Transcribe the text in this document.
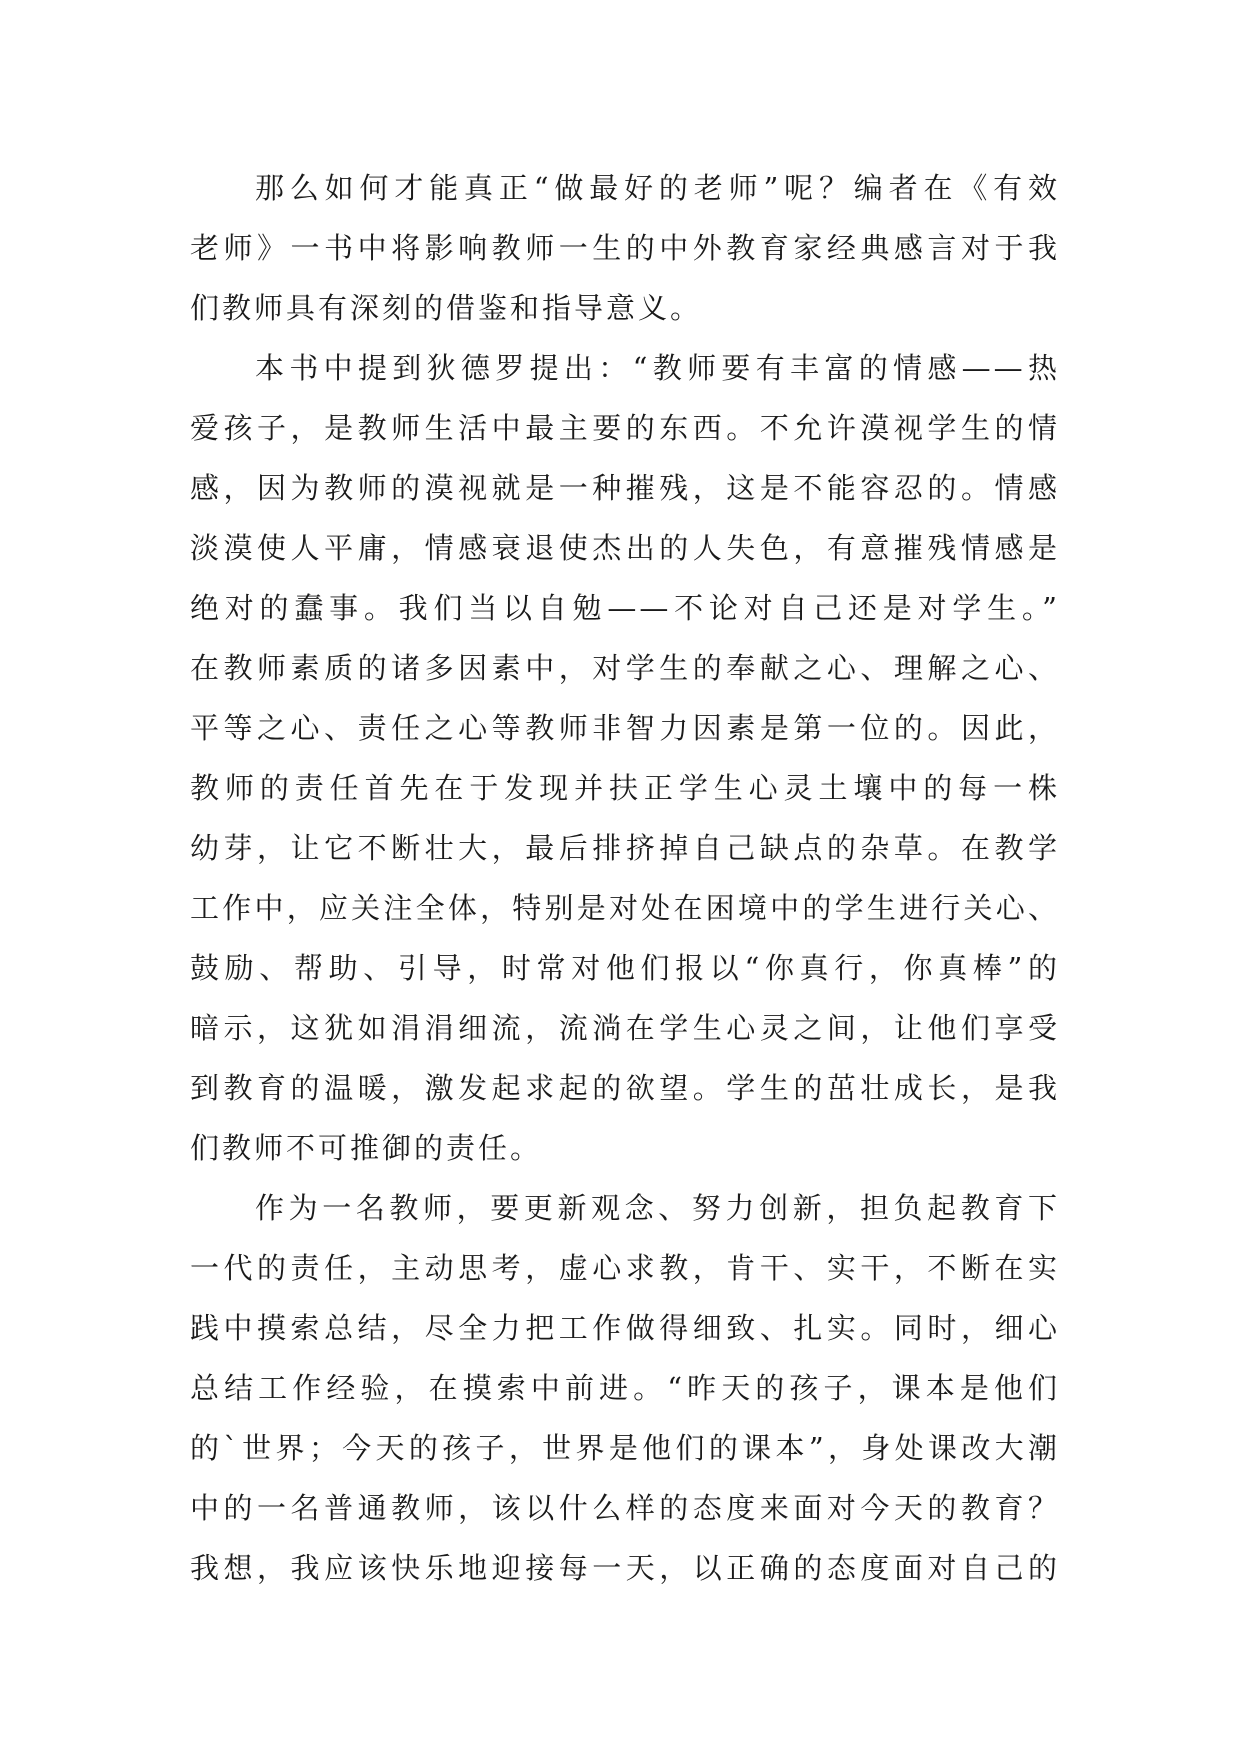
那么如何才能真正“做最好的老师”呢？编者在《有效
老师》一书中将影响教师一生的中外教育家经典感言对于我
们教师具有深刻的借鉴和指导意义。
本书中提到狄德罗提出：“教师要有丰富的情感——热
爱孩子，是教师生活中最主要的东西。不允许漠视学生的情
感，因为教师的漠视就是一种摧残，这是不能容忍的。情感
淡漠使人平庸，情感衰退使杰出的人失色，有意摧残情感是
绝对的蠢事。我们当以自勉——不论对自己还是对学生。”
在教师素质的诸多因素中，对学生的奉献之心、理解之心、
平等之心、责任之心等教师非智力因素是第一位的。因此，
教师的责任首先在于发现并扶正学生心灵土壤中的每一株
幼芽，让它不断壮大，最后排挤掉自己缺点的杂草。在教学
工作中，应关注全体，特别是对处在困境中的学生进行关心、
鼓励、帮助、引导，时常对他们报以“你真行，你真棒”的
暗示，这犹如涓涓细流，流淌在学生心灵之间，让他们享受
到教育的温暖，激发起求起的欲望。学生的茁壮成长，是我
们教师不可推御的责任。
作为一名教师，要更新观念、努力创新，担负起教育下
一代的责任，主动思考，虚心求教，肯干、实干，不断在实
践中摸索总结，尽全力把工作做得细致、扎实。同时，细心
总结工作经验，在摸索中前进。“昨天的孩子，课本是他们
的`世界；今天的孩子，世界是他们的课本”，身处课改大潮
中的一名普通教师，该以什么样的态度来面对今天的教育？
我想，我应该快乐地迎接每一天，以正确的态度面对自己的
